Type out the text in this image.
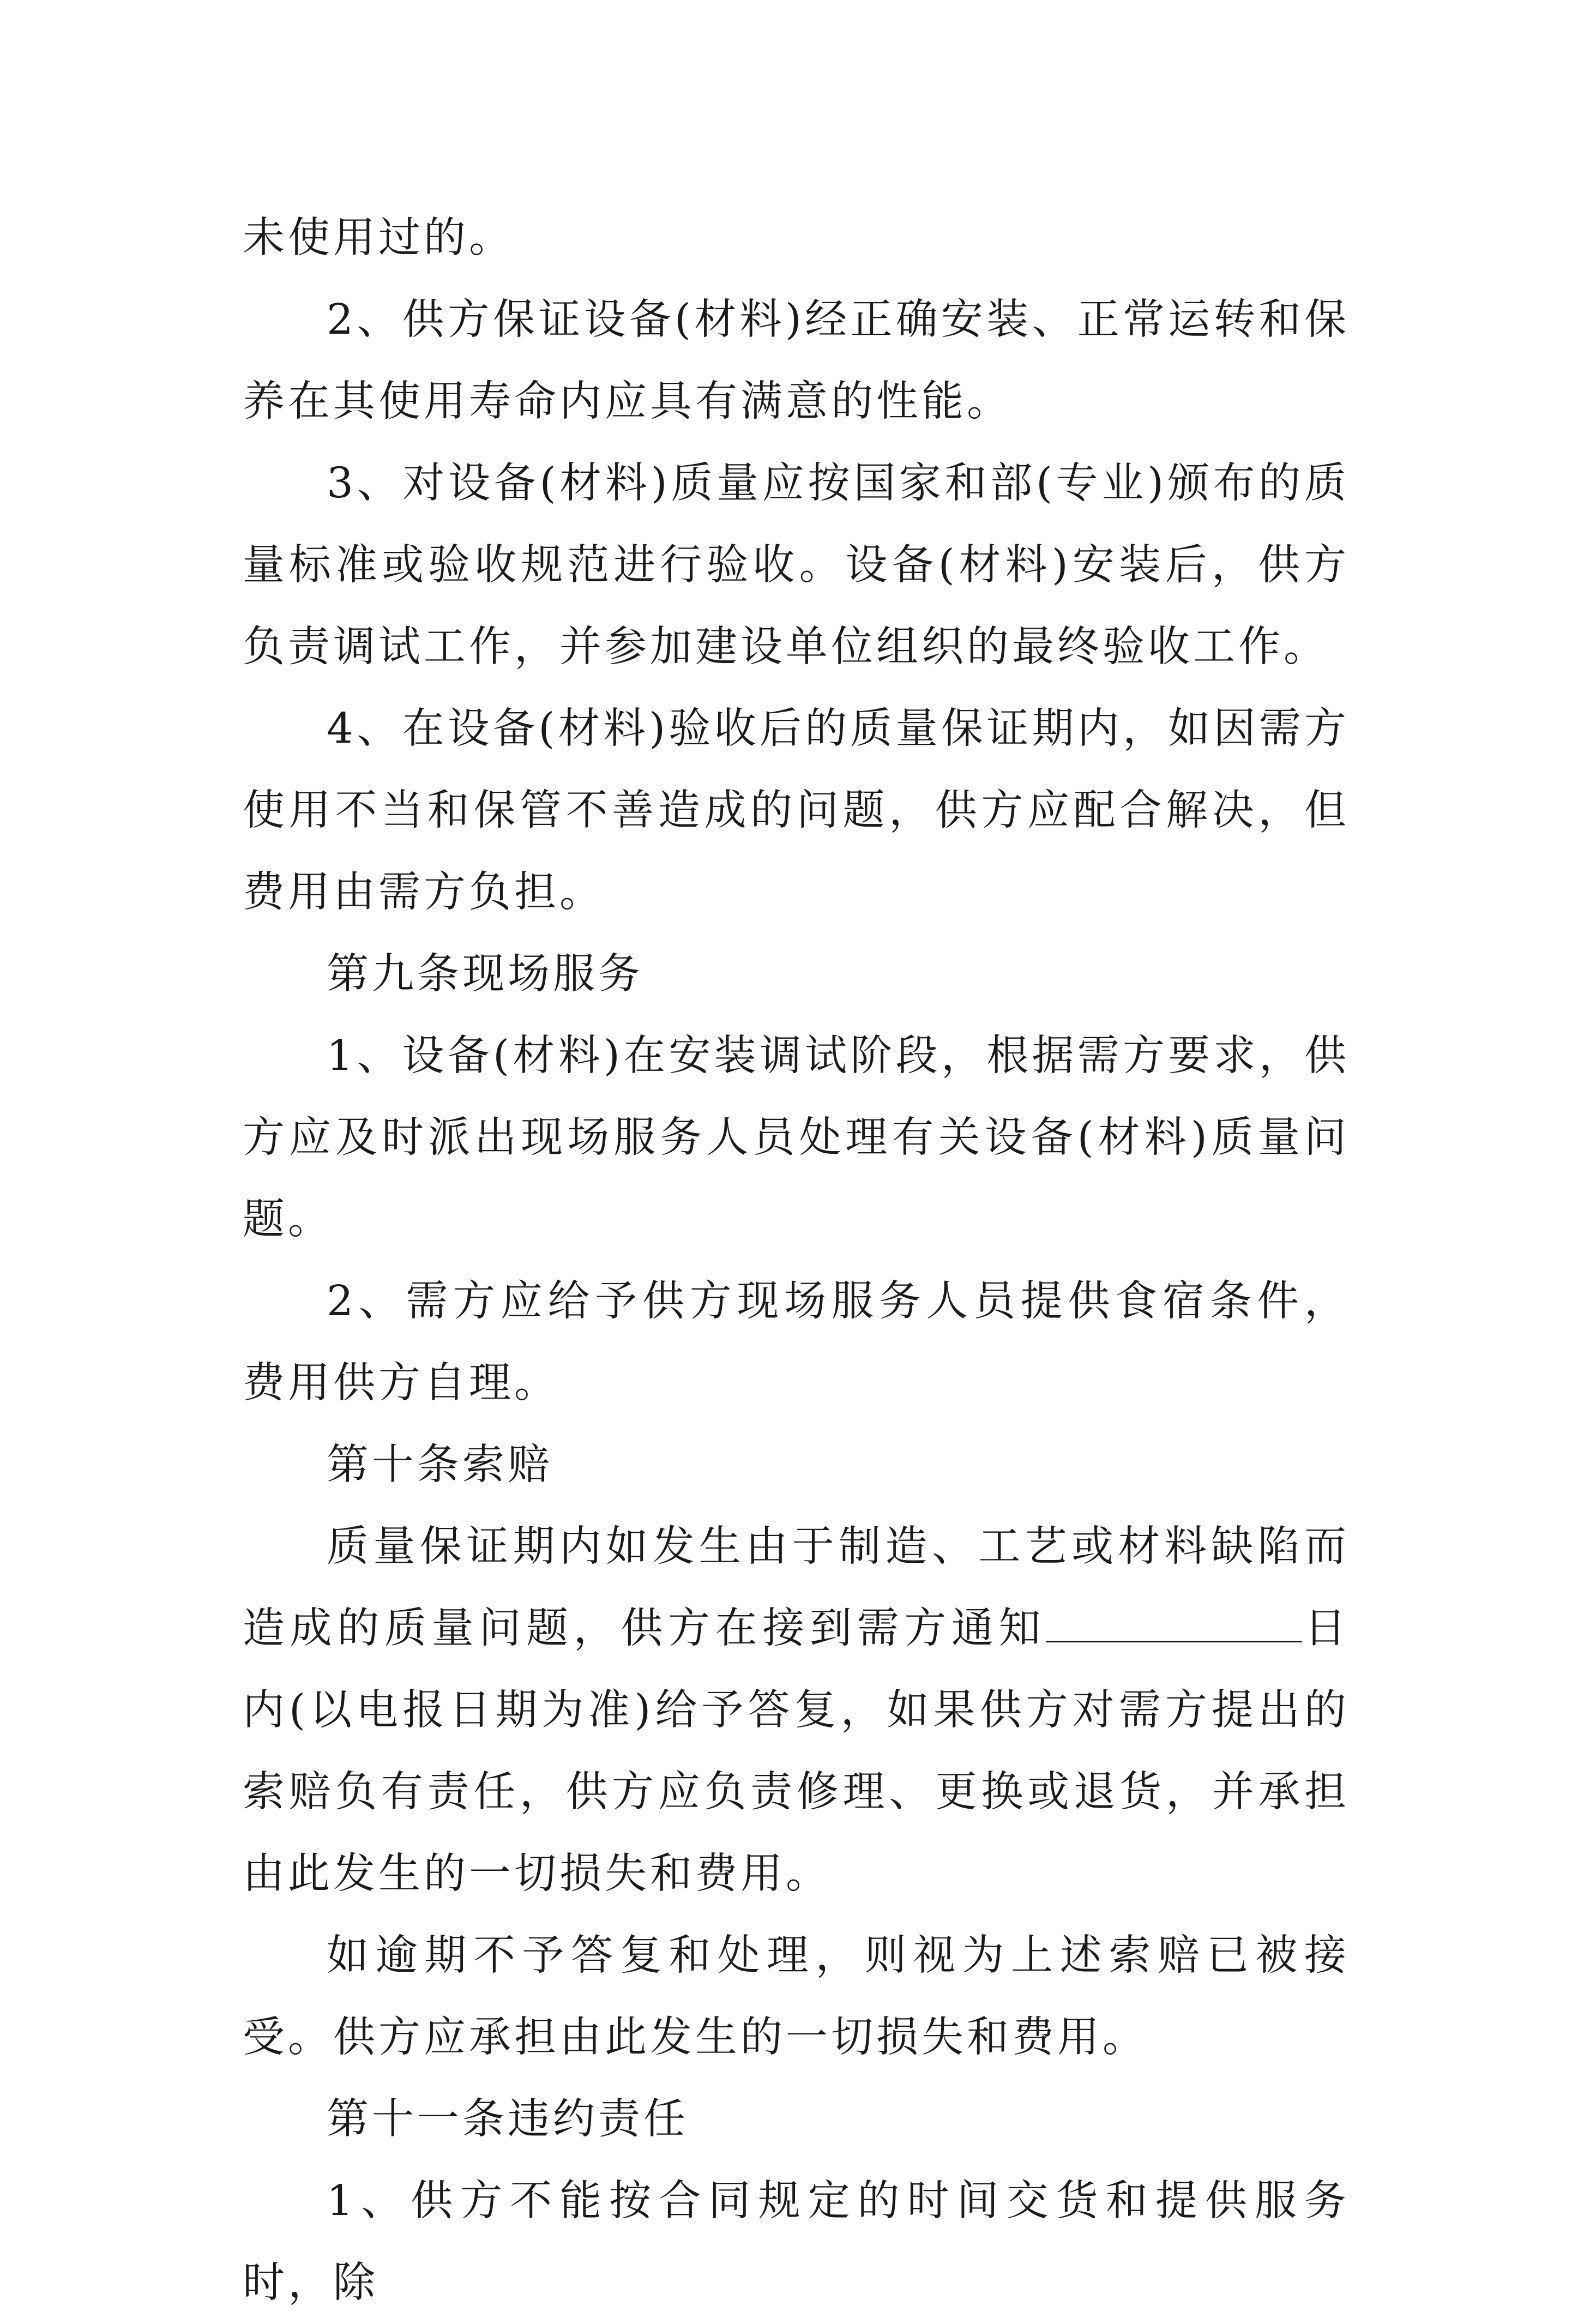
未使用过的。

2、供方保证设备(材料)经正确安装、正常运转和保养在其使用寿命内应具有满意的性能。

3、对设备(材料)质量应按国家和部(专业)颁布的质量标准或验收规范进行验收。设备(材料)安装后，供方负责调试工作，并参加建设单位组织的最终验收工作。

4、在设备(材料)验收后的质量保证期内，如因需方使用不当和保管不善造成的问题，供方应配合解决，但费用由需方负担。

第九条现场服务

1、设备(材料)在安装调试阶段，根据需方要求，供方应及时派出现场服务人员处理有关设备(材料)质量问题。

2、需方应给予供方现场服务人员提供食宿条件，费用供方自理。

第十条索赔

质量保证期内如发生由于制造、工艺或材料缺陷而造成的质量问题，供方在接到需方通知	日内(以电报日期为准)给予答复，如果供方对需方提出的索赔负有责任，供方应负责修理、更换或退货，并承担由此发生的一切损失和费用。

如逾期不予答复和处理，则视为上述索赔已被接受。供方应承担由此发生的一切损失和费用。

第十一条违约责任

1、供方不能按合同规定的时间交货和提供服务时，除
